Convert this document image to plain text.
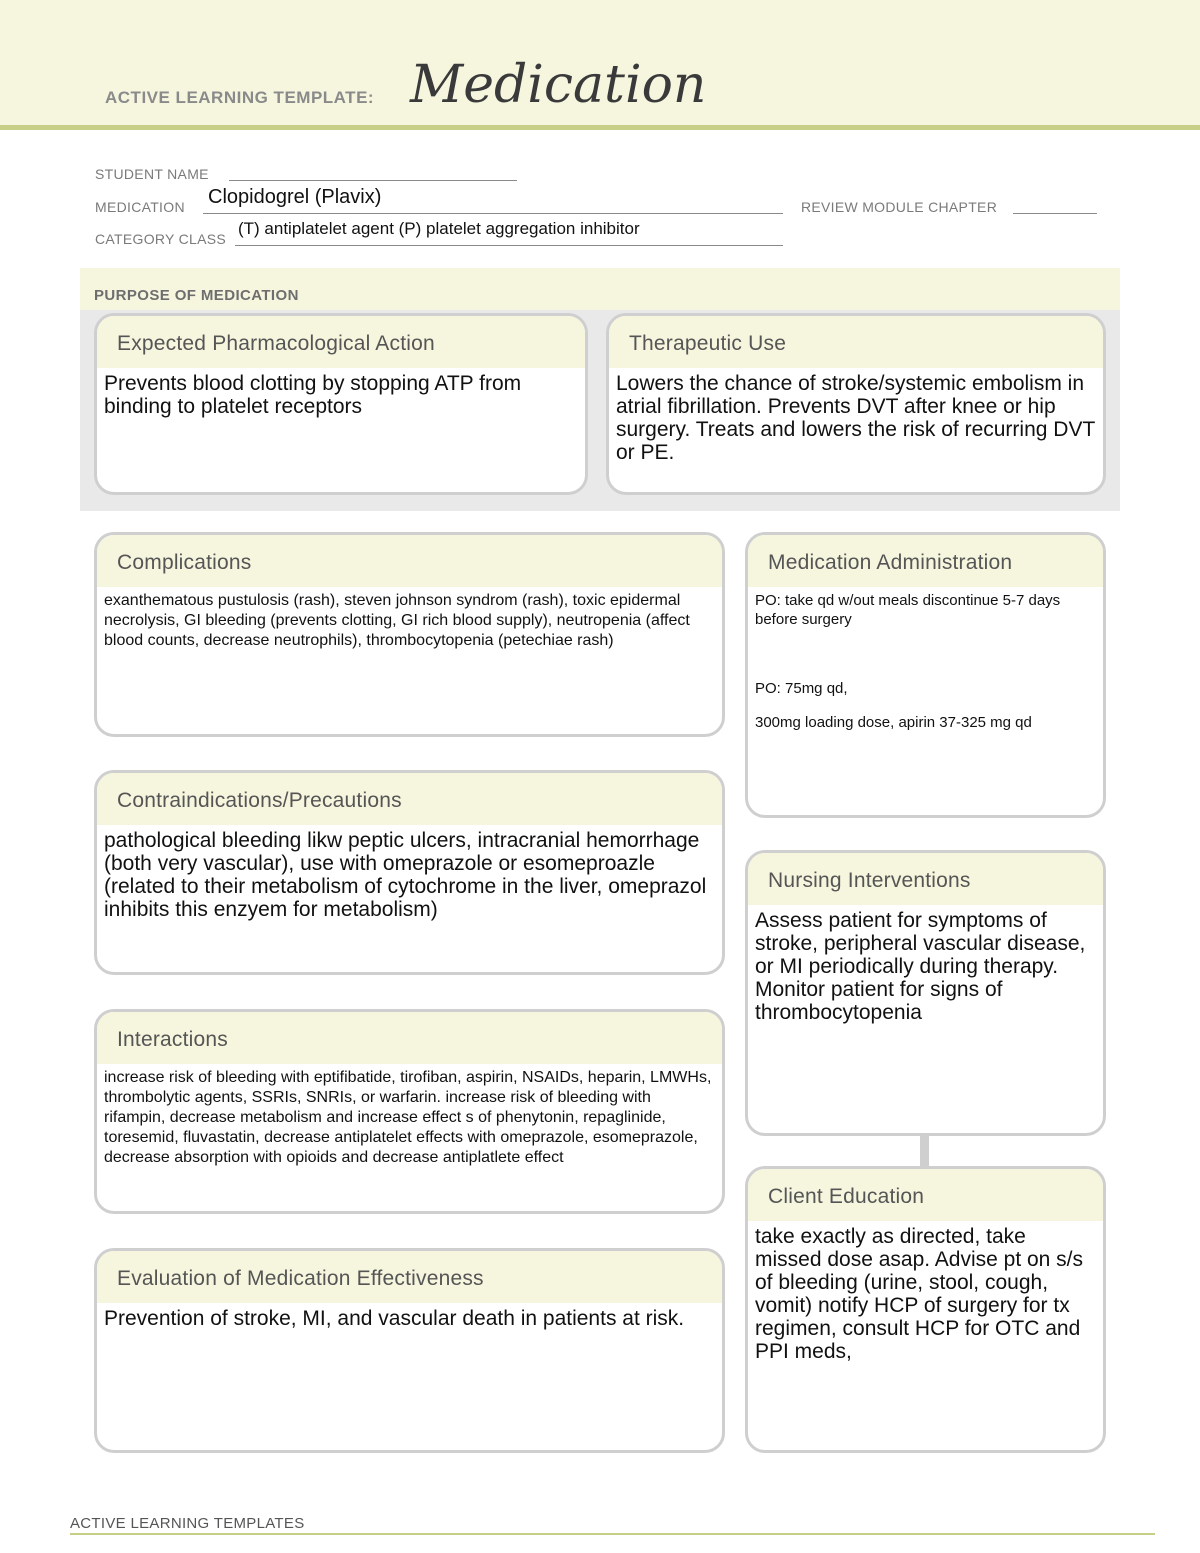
ACTIVE LEARNING TEMPLATE: Medication
STUDENT NAME
MEDICATION Clopidogrel (Plavix)	REVIEW MODULE CHAPTER
CATEGORY CLASS
(T) antiplatelet agent (P) platelet aggregation inhibitor
PURPOSE OF MEDICATION
Expected Pharmacological Action
Prevents blood clotting by stopping ATP from binding to platelet receptors
Therapeutic Use
Lowers the chance of stroke/systemic embolism in atrial fibrillation. Prevents DVT after knee or hip surgery. Treats and lowers the risk of recurring DVT or PE.
Complications
exanthematous pustulosis (rash), steven johnson syndrom (rash), toxic epidermal necrolysis, GI bleeding (prevents clotting, GI rich blood supply), neutropenia (affect blood counts, decrease neutrophils), thrombocytopenia (petechiae rash)
Contraindications/Precautions
pathological bleeding likw peptic ulcers, intracranial hemorrhage (both very vascular), use with omeprazole or esomeproazle (related to their metabolism of cytochrome in the liver, omeprazol inhibits this enzyem for metabolism)
Interactions
increase risk of bleeding with eptifibatide, tirofiban, aspirin, NSAIDs, heparin, LMWHs, thrombolytic agents, SSRIs, SNRIs, or warfarin. increase risk of bleeding with rifampin, decrease metabolism and increase effect s of phenytonin, repaglinide, toresemid, fluvastatin, decrease antiplatelet effects with omeprazole, esomeprazole, decrease absorption with opioids and decrease antiplatlete effect
Evaluation of Medication Effectiveness
Prevention of stroke, MI, and vascular death in patients at risk.
Medication Administration
PO: take qd w/out meals discontinue 5-7 days before surgery
PO: 75mg qd,
300mg loading dose, apirin 37-325 mg qd
Nursing Interventions
Assess patient for symptoms of stroke, peripheral vascular disease, or MI periodically during therapy. Monitor patient for signs of thrombocytopenia
Client Education
take exactly as directed, take missed dose asap. Advise pt on s/s of bleeding (urine, stool, cough, vomit) notify HCP of surgery for tx regimen, consult HCP for OTC and PPI meds,
ACTIVE LEARNING TEMPLATES
